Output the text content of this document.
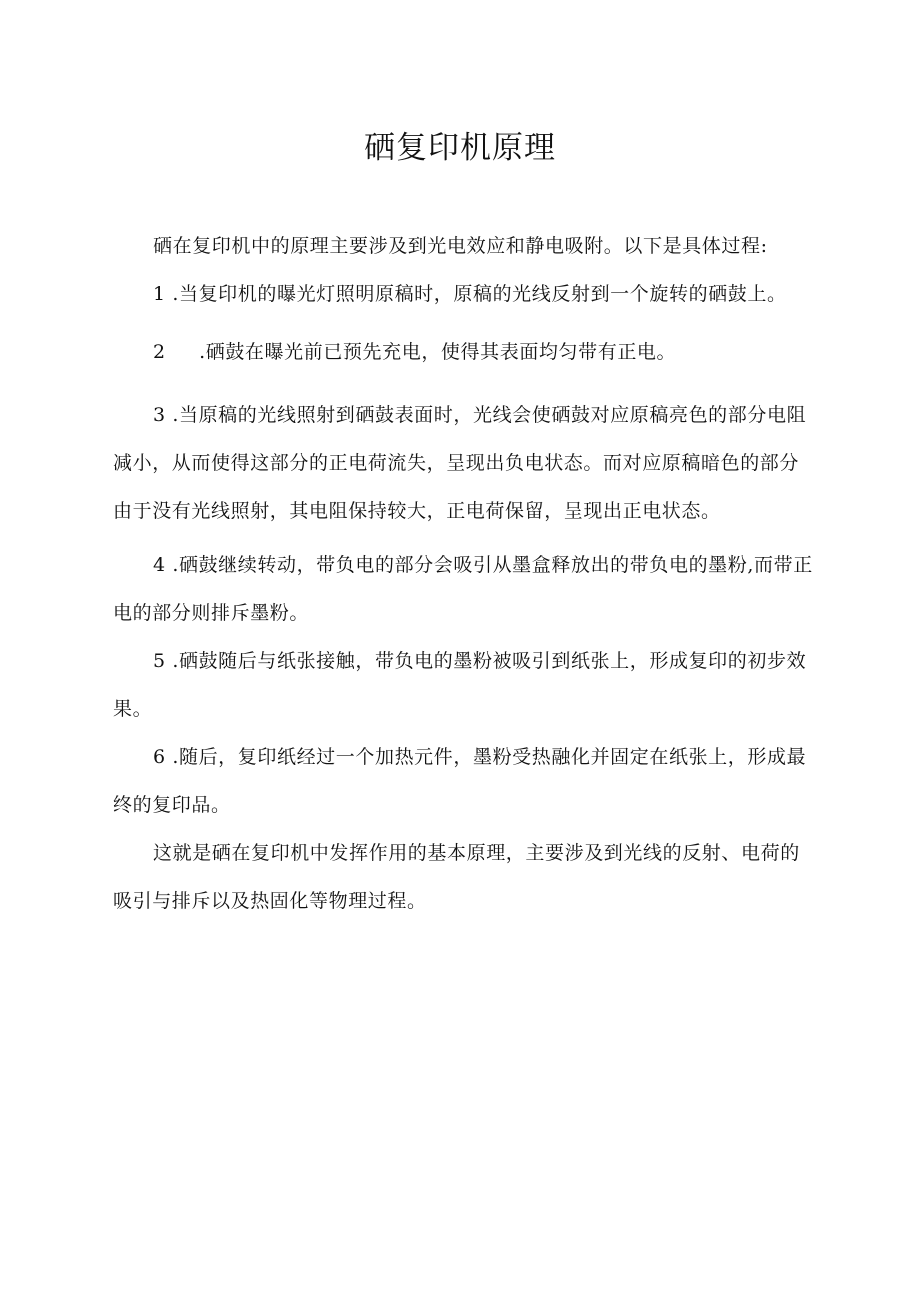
硒复印机原理

硒在复印机中的原理主要涉及到光电效应和静电吸附。以下是具体过程:

1 .当复印机的曝光灯照明原稿时，原稿的光线反射到一个旋转的硒鼓上。

2 .硒鼓在曝光前已预先充电，使得其表面均匀带有正电。

3 .当原稿的光线照射到硒鼓表面时，光线会使硒鼓对应原稿亮色的部分电阻减小，从而使得这部分的正电荷流失，呈现出负电状态。而对应原稿暗色的部分由于没有光线照射，其电阻保持较大，正电荷保留，呈现出正电状态。

4 .硒鼓继续转动，带负电的部分会吸引从墨盒释放出的带负电的墨粉,而带正电的部分则排斥墨粉。

5 .硒鼓随后与纸张接触，带负电的墨粉被吸引到纸张上，形成复印的初步效果。

6 .随后，复印纸经过一个加热元件，墨粉受热融化并固定在纸张上，形成最终的复印品。

这就是硒在复印机中发挥作用的基本原理，主要涉及到光线的反射、电荷的吸引与排斥以及热固化等物理过程。
